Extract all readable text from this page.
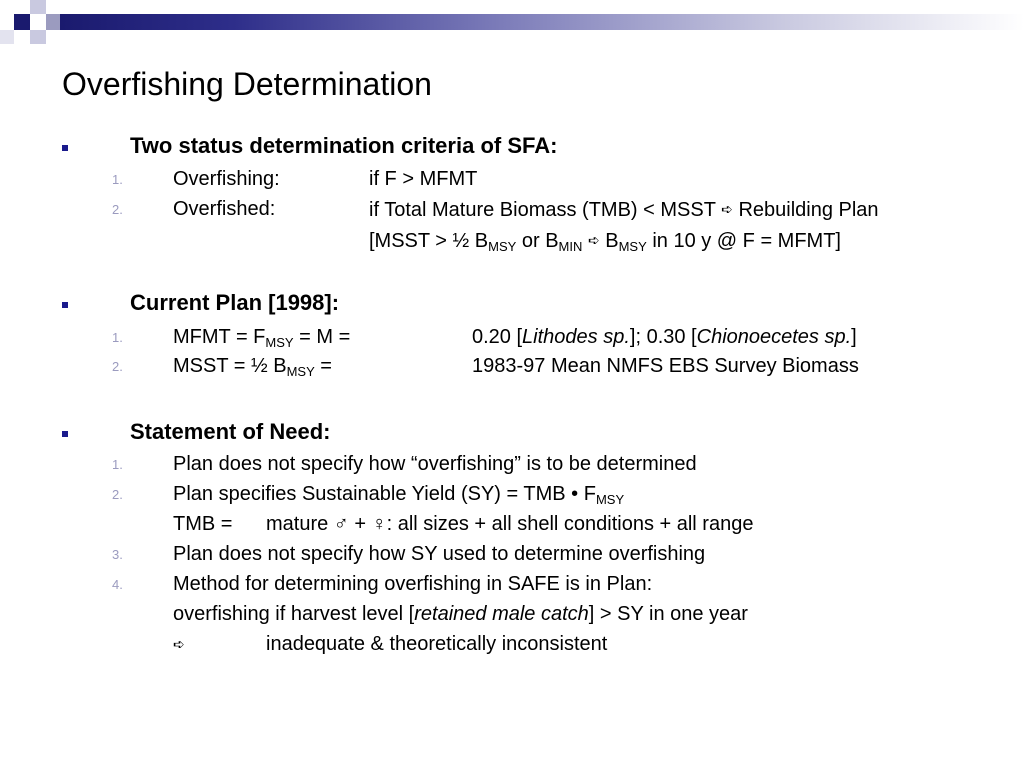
Overfishing Determination
Two status determination criteria of SFA:
1.	Overfishing:	if F > MFMT
2.	Overfished:	if Total Mature Biomass (TMB) < MSST ➪ Rebuilding Plan
[MSST > ½ $B_{MSY}$ or $B_{MIN}$ ➪ $B_{MSY}$ in 10 y @ F = MFMT]
Current Plan [1998]:
1.	MFMT = $F_{MSY} = M$ =	0.20 [Lithodes sp.]; 0.30 [Chionoecetes sp.]
2.	MSST = ½ $B_{MSY}$ =	1983-97 Mean NMFS EBS Survey Biomass
Statement of Need:
1.	Plan does not specify how “overfishing” is to be determined
2.	Plan specifies Sustainable Yield (SY) = TMB • $F_{MSY}$
TMB = mature ♂ + ♀: all sizes + all shell conditions + all range
3.	Plan does not specify how SY used to determine overfishing
4.	Method for determining overfishing in SAFE is in Plan:
overfishing if harvest level [retained male catch] > SY in one year
➪	inadequate & theoretically inconsistent
